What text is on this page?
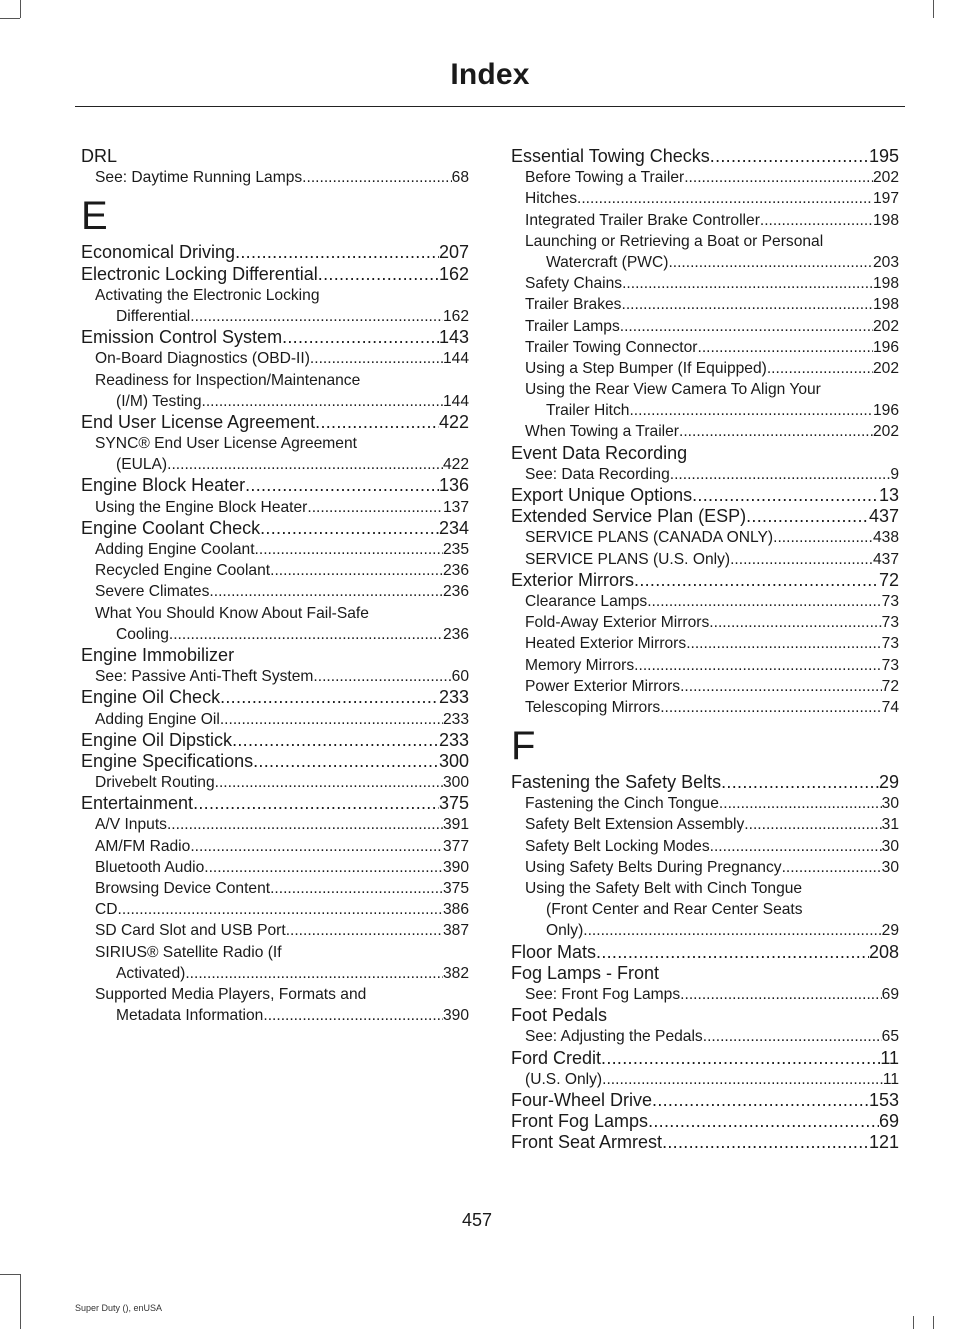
Index
DRL
See: Daytime Running Lamps .....	68
E
Economical Driving .....	207
Electronic Locking Differential .....	162
Activating the Electronic Locking
Differential .....	162
Emission Control System .....	143
On-Board Diagnostics (OBD-II) .....	144
Readiness for Inspection/Maintenance
(I/M) Testing .....	144
End User License Agreement .....	422
SYNC® End User License Agreement
(EULA) .....	422
Engine Block Heater .....	136
Using the Engine Block Heater .....	137
Engine Coolant Check .....	234
Adding Engine Coolant .....	235
Recycled Engine Coolant .....	236
Severe Climates .....	236
What You Should Know About Fail-Safe
Cooling .....	236
Engine Immobilizer
See: Passive Anti-Theft System .....	60
Engine Oil Check .....	233
Adding Engine Oil .....	233
Engine Oil Dipstick .....	233
Engine Specifications .....	300
Drivebelt Routing .....	300
Entertainment .....	375
A/V Inputs .....	391
AM/FM Radio .....	377
Bluetooth Audio .....	390
Browsing Device Content .....	375
CD .....	386
SD Card Slot and USB Port .....	387
SIRIUS® Satellite Radio (If
Activated) .....	382
Supported Media Players, Formats and
Metadata Information .....	390
Essential Towing Checks .....	195
Before Towing a Trailer .....	202
Hitches .....	197
Integrated Trailer Brake Controller .....	198
Launching or Retrieving a Boat or Personal
Watercraft (PWC) .....	203
Safety Chains .....	198
Trailer Brakes .....	198
Trailer Lamps .....	202
Trailer Towing Connector .....	196
Using a Step Bumper (If Equipped) .....	202
Using the Rear View Camera To Align Your
Trailer Hitch .....	196
When Towing a Trailer .....	202
Event Data Recording
See: Data Recording .....	9
Export Unique Options .....	13
Extended Service Plan (ESP) .....	437
SERVICE PLANS (CANADA ONLY) .....	438
SERVICE PLANS (U.S. Only) .....	437
Exterior Mirrors .....	72
Clearance Lamps .....	73
Fold-Away Exterior Mirrors .....	73
Heated Exterior Mirrors .....	73
Memory Mirrors .....	73
Power Exterior Mirrors .....	72
Telescoping Mirrors .....	74
F
Fastening the Safety Belts .....	29
Fastening the Cinch Tongue .....	30
Safety Belt Extension Assembly .....	31
Safety Belt Locking Modes .....	30
Using Safety Belts During Pregnancy .....	30
Using the Safety Belt with Cinch Tongue
(Front Center and Rear Center Seats
Only) .....	29
Floor Mats .....	208
Fog Lamps - Front
See: Front Fog Lamps .....	69
Foot Pedals
See: Adjusting the Pedals .....	65
Ford Credit .....	11
(U.S. Only) .....	11
Four-Wheel Drive .....	153
Front Fog Lamps .....	69
Front Seat Armrest .....	121
457
Super Duty (), enUSA
